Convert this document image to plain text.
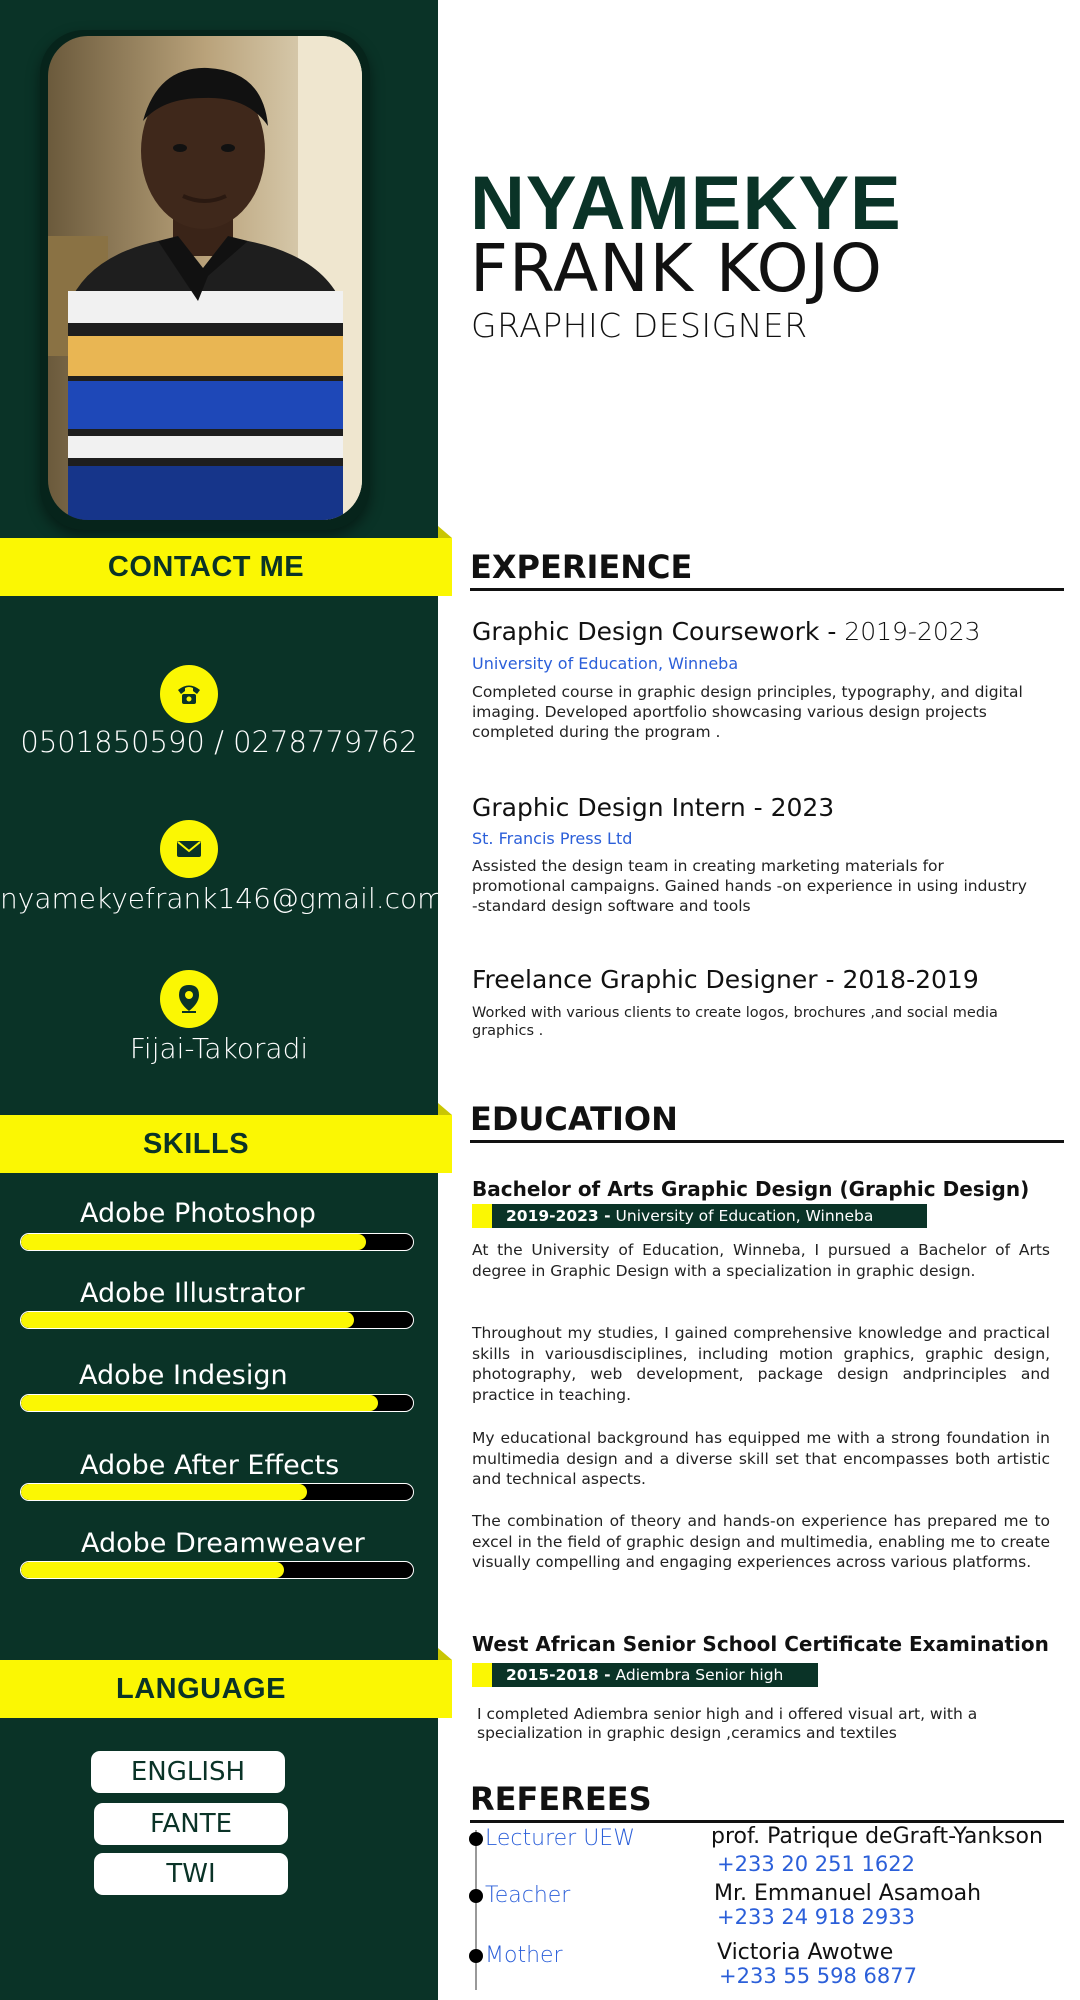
CONTACT ME
0501850590 / 0278779762
nyamekyefrank146@gmail.com
Fijai-Takoradi
SKILLS
Adobe Photoshop
Adobe Illustrator
Adobe Indesign
Adobe After Effects
Adobe Dreamweaver
LANGUAGE
ENGLISH
FANTE
TWI
NYAMEKYE
FRANK KOJO
GRAPHIC DESIGNER
EXPERIENCE
Graphic Design Coursework - 2019-2023
University of Education, Winneba
Completed course in graphic design principles, typography, and digital imaging. Developed aportfolio showcasing various design projects completed during the program .
Graphic Design Intern - 2023
St. Francis Press Ltd
Assisted the design team in creating marketing materials for promotional campaigns. Gained hands -on experience in using industry -standard design software and tools
Freelance Graphic Designer - 2018-2019
Worked with various clients to create logos, brochures ,and social media graphics .
EDUCATION
Bachelor of Arts Graphic Design (Graphic Design)
2019-2023 - University of Education, Winneba
At the University of Education, Winneba, I pursued a Bachelor of Arts degree in Graphic Design with a specialization in graphic design.
Throughout my studies, I gained comprehensive knowledge and practical skills in variousdisciplines, including motion graphics, graphic design, photography, web development, package design andprinciples and practice in teaching.
My educational background has equipped me with a strong foundation in multimedia design and a diverse skill set that encompasses both artistic and technical aspects.
The combination of theory and hands-on experience has prepared me to excel in the field of graphic design and multimedia, enabling me to create visually compelling and engaging experiences across various platforms.
West African Senior School Certificate Examination
2015-2018 - Adiembra Senior high
I completed Adiembra senior high and i offered visual art, with a specialization in graphic design ,ceramics and textiles
REFEREES
Lecturer UEW	prof. Patrique deGraft-Yankson
+233 20 251 1622
Teacher	Mr. Emmanuel Asamoah
+233 24 918 2933
Mother	Victoria Awotwe
+233 55 598 6877
